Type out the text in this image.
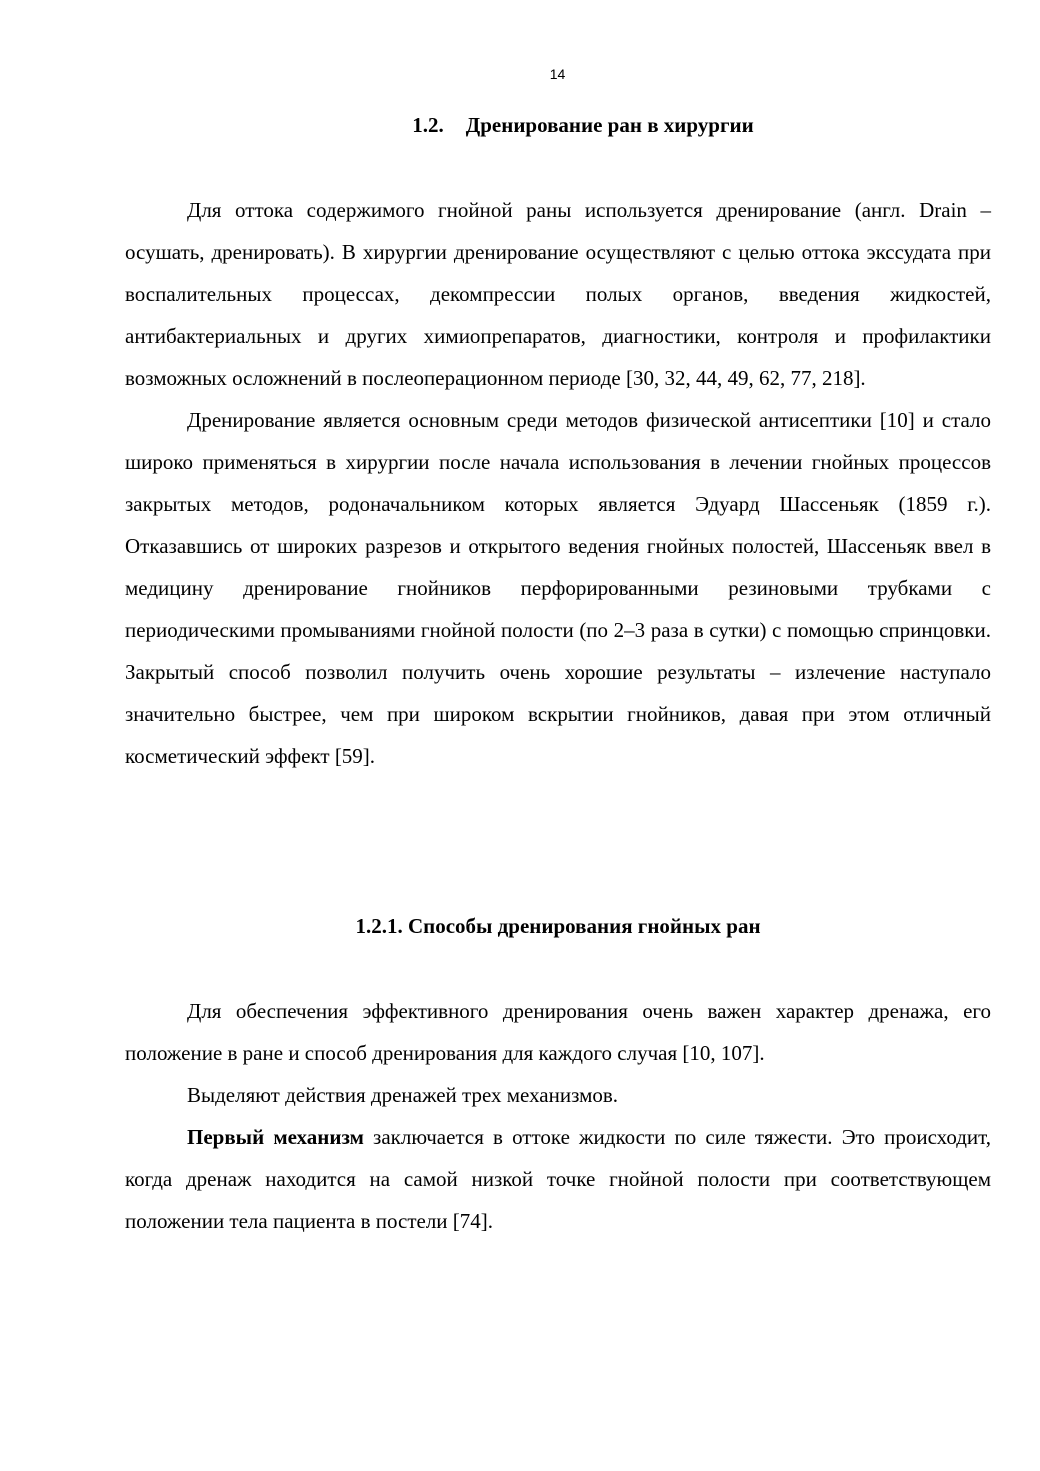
14
1.2. Дренирование ран в хирургии

Для оттока содержимого гнойной раны используется дренирование (англ. Drain – осушать, дренировать). В хирургии дренирование осуществляют с целью оттока экссудата при воспалительных процессах, декомпрессии полых органов, введения жидкостей, антибактериальных и других химиопрепаратов, диагностики, контроля и профилактики возможных осложнений в послеоперационном периоде [30, 32, 44, 49, 62, 77, 218].

Дренирование является основным среди методов физической антисептики [10] и стало широко применяться в хирургии после начала использования в лечении гнойных процессов закрытых методов, родоначальником которых является Эдуард Шассеньяк (1859 г.). Отказавшись от широких разрезов и открытого ведения гнойных полостей, Шассеньяк ввел в медицину дренирование гнойников перфорированными резиновыми трубками с периодическими промываниями гнойной полости (по 2–3 раза в сутки) с помощью спринцовки. Закрытый способ позволил получить очень хорошие результаты – излечение наступало значительно быстрее, чем при широком вскрытии гнойников, давая при этом отличный косметический эффект [59].

1.2.1. Способы дренирования гнойных ран

Для обеспечения эффективного дренирования очень важен характер дренажа, его положение в ране и способ дренирования для каждого случая [10, 107].

Выделяют действия дренажей трех механизмов.

Первый механизм заключается в оттоке жидкости по силе тяжести. Это происходит, когда дренаж находится на самой низкой точке гнойной полости при соответствующем положении тела пациента в постели [74].
